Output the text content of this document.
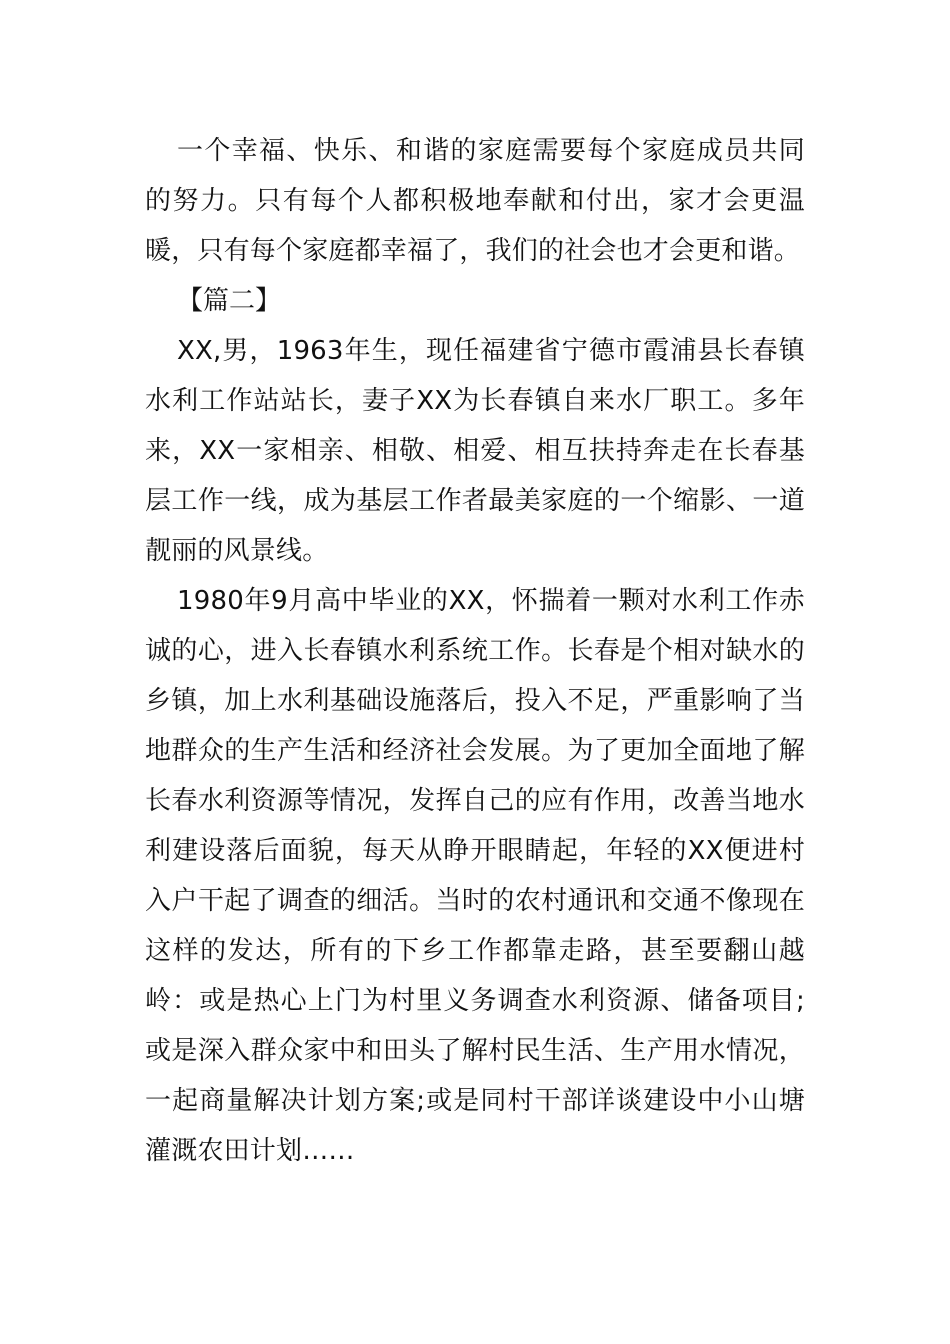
一个幸福、快乐、和谐的家庭需要每个家庭成员共同的努力。只有每个人都积极地奉献和付出，家才会更温暖，只有每个家庭都幸福了，我们的社会也才会更和谐。

【篇二】

XX,男，1963年生，现任福建省宁德市霞浦县长春镇水利工作站站长，妻子XX为长春镇自来水厂职工。多年来，XX一家相亲、相敬、相爱、相互扶持奔走在长春基层工作一线，成为基层工作者最美家庭的一个缩影、一道靓丽的风景线。

1980年9月高中毕业的XX，怀揣着一颗对水利工作赤诚的心，进入长春镇水利系统工作。长春是个相对缺水的乡镇，加上水利基础设施落后，投入不足，严重影响了当地群众的生产生活和经济社会发展。为了更加全面地了解长春水利资源等情况，发挥自己的应有作用，改善当地水利建设落后面貌，每天从睁开眼睛起，年轻的XX便进村入户干起了调查的细活。当时的农村通讯和交通不像现在这样的发达，所有的下乡工作都靠走路，甚至要翻山越岭：或是热心上门为村里义务调查水利资源、储备项目;或是深入群众家中和田头了解村民生活、生产用水情况，一起商量解决计划方案;或是同村干部详谈建设中小山塘灌溉农田计划……
